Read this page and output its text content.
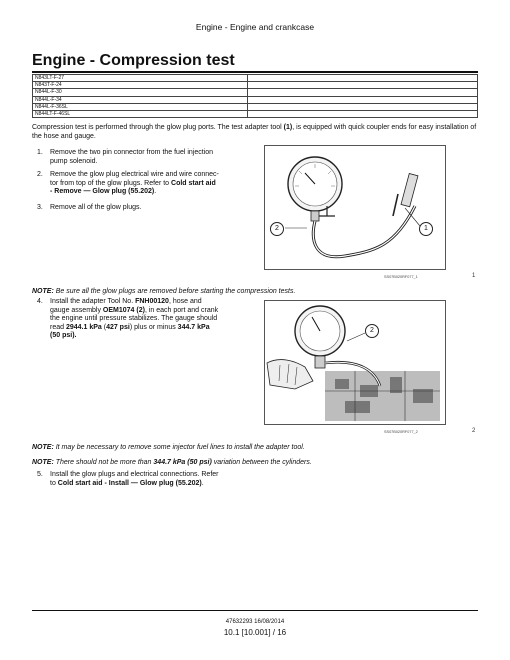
Engine - Engine and crankcase
Engine - Compression test
N843LT-F-27	
N843T-F-24	
N844L-F-30	
N844L-F-34	
N844L-F-36SL	
N844LT-F-46SL	
Compression test is performed through the glow plug ports. The test adapter tool (1), is equipped with quick coupler ends for easy installation of the hose and gauge.
1. Remove the two pin connector from the fuel injection
pump solenoid.
2. Remove the glow plug electrical wire and wire connec-
tor from top of the glow plugs. Refer to Cold start aid
- Remove — Glow plug (55.202).
3. Remove all of the glow plugs.
2	1
SS07B020RF077_1	1
NOTE: Be sure all the glow plugs are removed before starting the compression tests.
4. Install the adapter Tool No. FNH00120, hose and
gauge assembly OEM1074 (2), in each port and crank
the engine until pressure stabilizes. The gauge should
read 2944.1 kPa (427 psi) plus or minus 344.7 kPa
(50 psi).
2
SS07B020RF077_2	2
NOTE: It may be necessary to remove some injector fuel lines to install the adapter tool.
NOTE: There should not be more than 344.7 kPa (50 psi) variation between the cylinders.
5. Install the glow plugs and electrical connections. Refer
to Cold start aid - Install — Glow plug (55.202).
47632293 16/08/2014
10.1 [10.001] / 16
